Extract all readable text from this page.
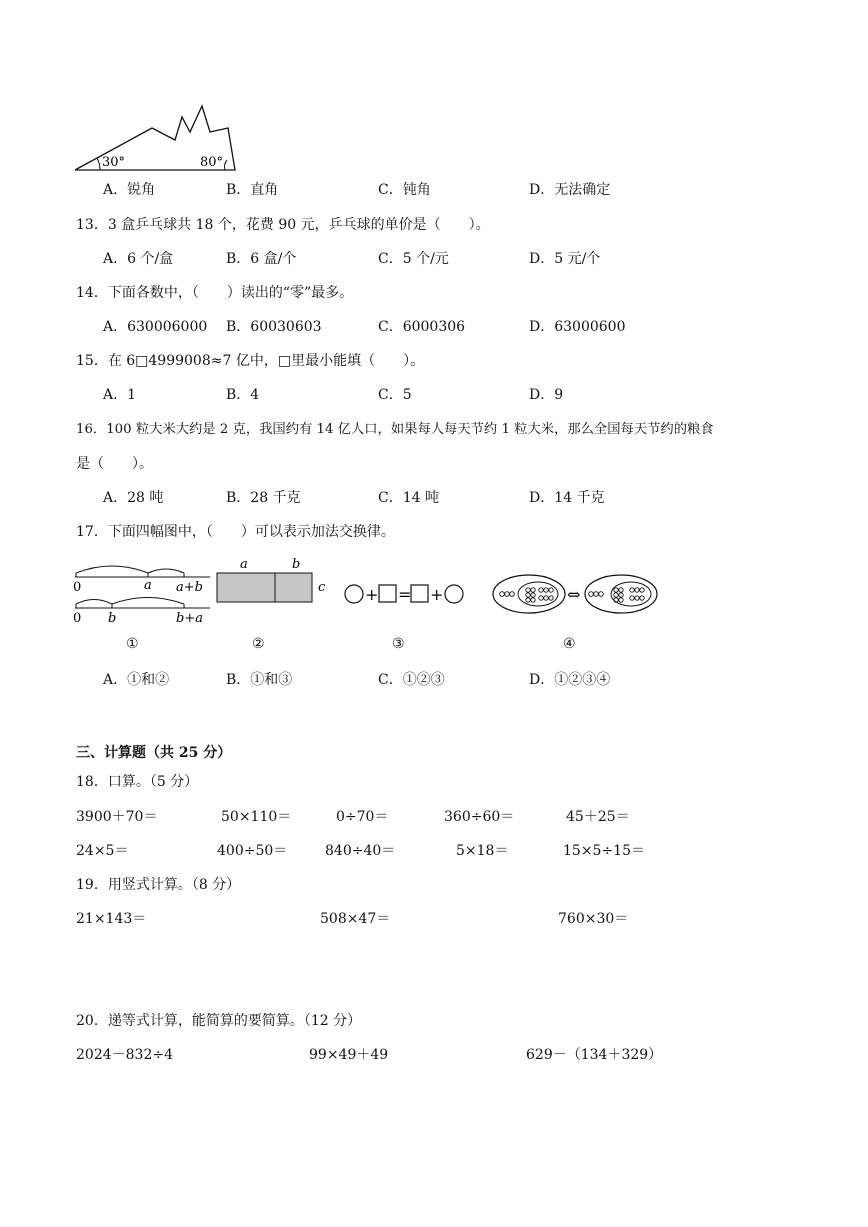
30°	80°
A．锐角	B．直角	C．钝角	D．无法确定
13．3 盒乒乓球共 18 个，花费 90 元，乒乓球的单价是（　　）。
A．6 个/盒	B．6 盒/个	C．5 个/元	D．5 元/个
14．下面各数中，（　　）读出的“零”最多。
A．630006000 B．60030603	C．6000306	D．63000600
15．在 6□4999008≈7 亿中，□里最小能填（　　）。
A．1	B．4	C．5	D．9
16．100 粒大米大约是 2 克，我国约有 14 亿人口，如果每人每天节约 1 粒大米，那么全国每天节约的粮食
是（　　）。
A．28 吨	B．28 千克	C．14 吨	D．14 千克
17．下面四幅图中，（　　）可以表示加法交换律。
0	a a+b
0 b	b+a
a	b
c + = +	⇔
①	②	③	④
A．①和②	B．①和③	C．①②③	D．①②③④
三、计算题（共 25 分）
18．口算。（5 分）
3900＋70＝	50×110＝	0÷70＝	360÷60＝	45＋25＝
24×5＝	400÷50＝	840÷40＝	5×18＝	15×5÷15＝
19．用竖式计算。（8 分）
21×143＝	508×47＝	760×30＝
20．递等式计算，能简算的要简算。（12 分）
2024－832÷4	99×49＋49	629－（134＋329）
